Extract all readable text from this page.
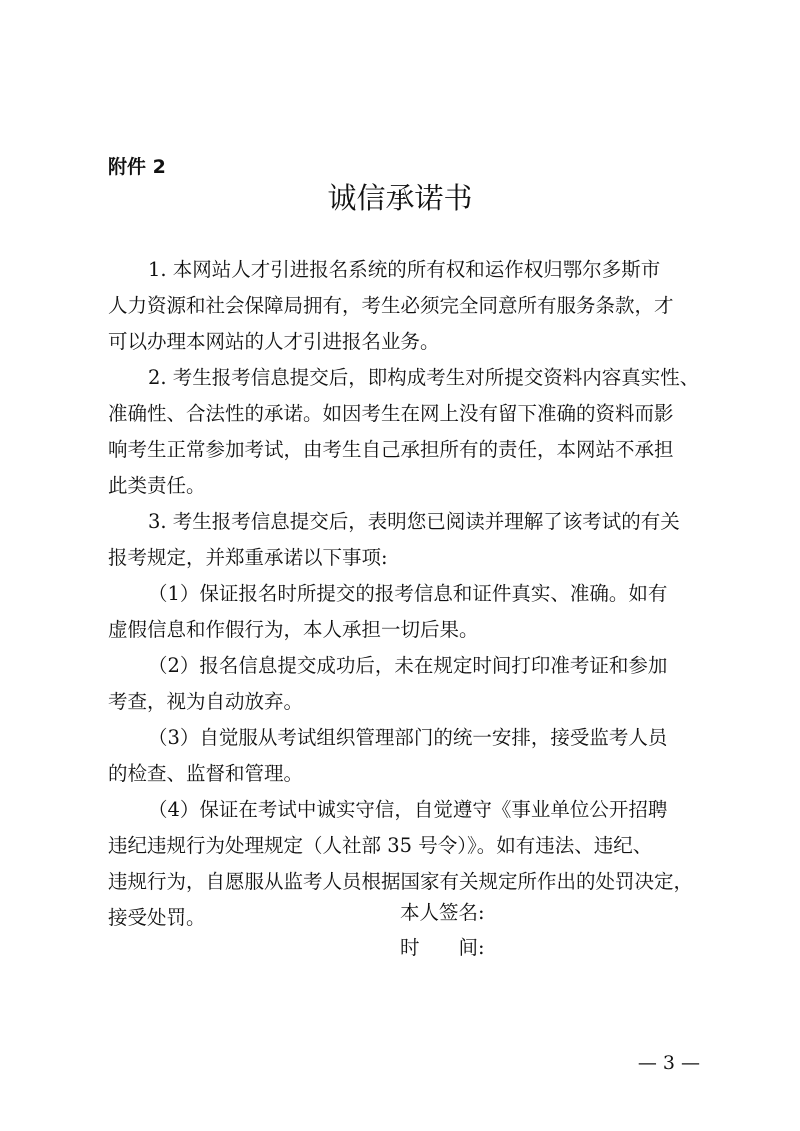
附件 2
诚信承诺书
1. 本网站人才引进报名系统的所有权和运作权归鄂尔多斯市
人力资源和社会保障局拥有，考生必须完全同意所有服务条款，才
可以办理本网站的人才引进报名业务。
2. 考生报考信息提交后，即构成考生对所提交资料内容真实性、
准确性、合法性的承诺。如因考生在网上没有留下准确的资料而影
响考生正常参加考试，由考生自己承担所有的责任，本网站不承担
此类责任。
3. 考生报考信息提交后，表明您已阅读并理解了该考试的有关
报考规定，并郑重承诺以下事项:
（1）保证报名时所提交的报考信息和证件真实、准确。如有
虚假信息和作假行为，本人承担一切后果。
（2）报名信息提交成功后，未在规定时间打印准考证和参加
考查，视为自动放弃。
（3）自觉服从考试组织管理部门的统一安排，接受监考人员
的检查、监督和管理。
（4）保证在考试中诚实守信，自觉遵守《事业单位公开招聘
违纪违规行为处理规定（人社部 35 号令）》。如有违法、违纪、
违规行为，自愿服从监考人员根据国家有关规定所作出的处罚决定，
接受处罚。	本人签名:
时　　间:
— 3 —
